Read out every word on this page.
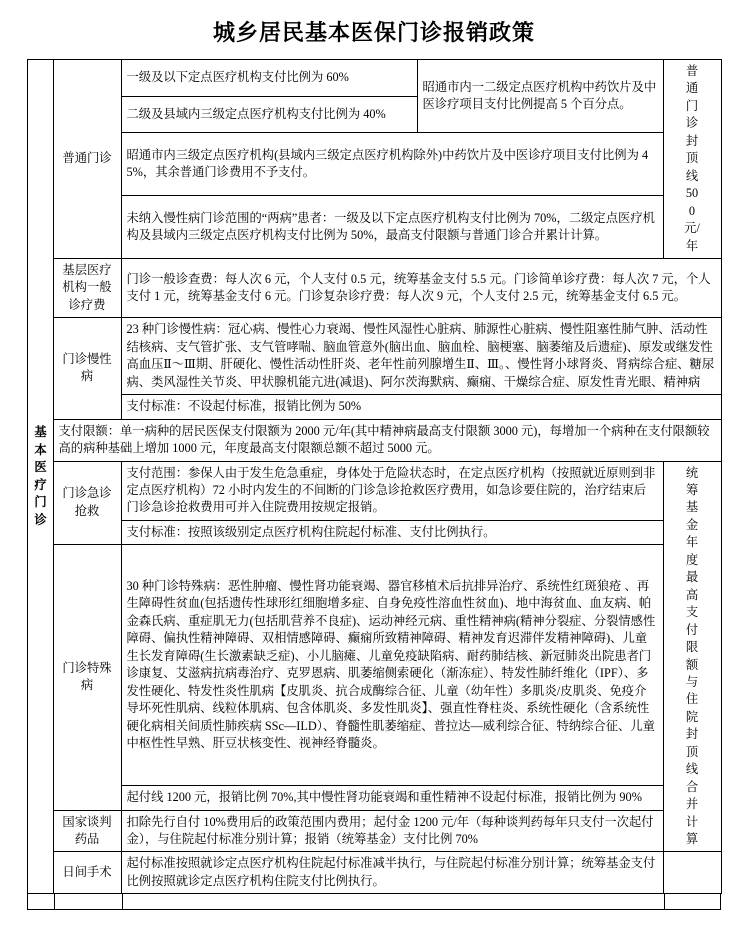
城乡居民基本医保门诊报销政策
基本医疗门诊	普通门诊	一级及以下定点医疗机构支付比例为 60%	昭通市内一二级定点医疗机构中药饮片及中医诊疗项目支付比例提高 5 个百分点。	普通门诊封顶线 500 元/年

		二级及县域内三级定点医疗机构支付比例为 40%		
		昭通市内三级定点医疗机构(县域内三级定点医疗机构除外)中药饮片及中医诊疗项目支付比例为 45%，其余普通门诊费用不予支付。		
		未纳入慢性病门诊范围的“两病”患者：一级及以下定点医疗机构支付比例为 70%，二级定点医疗机构及县域内三级定点医疗机构支付比例为 50%，最高支付限额与普通门诊合并累计计算。		
	基层医疗机构一般诊疗费	门诊一般诊查费：每人次 6 元，个人支付 0.5 元，统筹基金支付 5.5 元。门诊简单诊疗费：每人次 7 元，个人支付 1 元，统筹基金支付 6 元。门诊复杂诊疗费：每人次 9 元，个人支付 2.5 元，统筹基金支付 6.5 元。		
	门诊慢性病	23 种门诊慢性病：冠心病、慢性心力衰竭、慢性风湿性心脏病、肺源性心脏病、慢性阻塞性肺气肿、活动性结核病、支气管扩张、支气管哮喘、脑血管意外(脑出血、脑血栓、脑梗塞、脑萎缩及后遗症)、原发或继发性高血压Ⅱ～Ⅲ期、肝硬化、慢性活动性肝炎、老年性前列腺增生Ⅱ、Ⅲ。、慢性肾小球肾炎、肾病综合症、糖尿病、类风湿性关节炎、甲状腺机能亢进(减退)、阿尔茨海默病、癫痫、干燥综合症、原发性青光眼、精神病		
		支付标准：不设起付标准，报销比例为 50%		
	支付限额：单一病种的居民医保支付限额为 2000 元/年(其中精神病最高支付限额 3000 元)，每增加一个病种在支付限额较高的病种基础上增加 1000 元，年度最高支付限额总额不超过 5000 元。			
	门诊急诊抢救	支付范围：参保人由于发生危急重症，身体处于危险状态时，在定点医疗机构（按照就近原则到非定点医疗机构）72 小时内发生的不间断的门诊急诊抢救医疗费用，如急诊要住院的，治疗结束后门诊急诊抢救费用可并入住院费用按规定报销。		统筹基金年度最高支付限额与住院封顶线合并计算

		支付标准：按照该级别定点医疗机构住院起付标准、支付比例执行。		
	门诊特殊病	30 种门诊特殊病：恶性肿瘤、慢性肾功能衰竭、器官移植术后抗排异治疗、系统性红斑狼疮 、再生障碍性贫血(包括遗传性球形红细胞增多症、自身免疫性溶血性贫血)、地中海贫血、血友病、帕金森氏病、重症肌无力(包括肌营养不良症)、运动神经元病、重性精神病(精神分裂症、分裂情感性障碍、偏执性精神障碍、双相情感障碍、癫痫所致精神障碍、精神发育迟滞伴发精神障碍)、儿童生长发育障碍(生长激素缺乏症)、小儿脑瘫、儿童免疫缺陷病、耐药肺结核、新冠肺炎出院患者门诊康复、艾滋病抗病毒治疗、克罗恩病、肌萎缩侧索硬化（渐冻症）、特发性肺纤维化（IPF）、多发性硬化、特发性炎性肌病【皮肌炎、抗合成酶综合征、儿童（幼年性）多肌炎/皮肌炎、免疫介导坏死性肌病、线粒体肌病、包含体肌炎、多发性肌炎】、强直性脊柱炎、系统性硬化（含系统性硬化病相关间质性肺疾病 SSc—ILD）、脊髓性肌萎缩症、普拉达—威利综合征、特纳综合征、儿童中枢性性早熟、肝豆状核变性、视神经脊髓炎。		
		起付线 1200 元，报销比例 70%,其中慢性肾功能衰竭和重性精神不设起付标准，报销比例为 90%		
	国家谈判药品	扣除先行自付 10%费用后的政策范围内费用；起付金 1200 元/年（每种谈判药每年只支付一次起付金），与住院起付标准分别计算；报销（统筹基金）支付比例 70%		
	日间手术	起付标准按照就诊定点医疗机构住院起付标准减半执行，与住院起付标准分别计算；统筹基金支付比例按照就诊定点医疗机构住院支付比例执行。		
